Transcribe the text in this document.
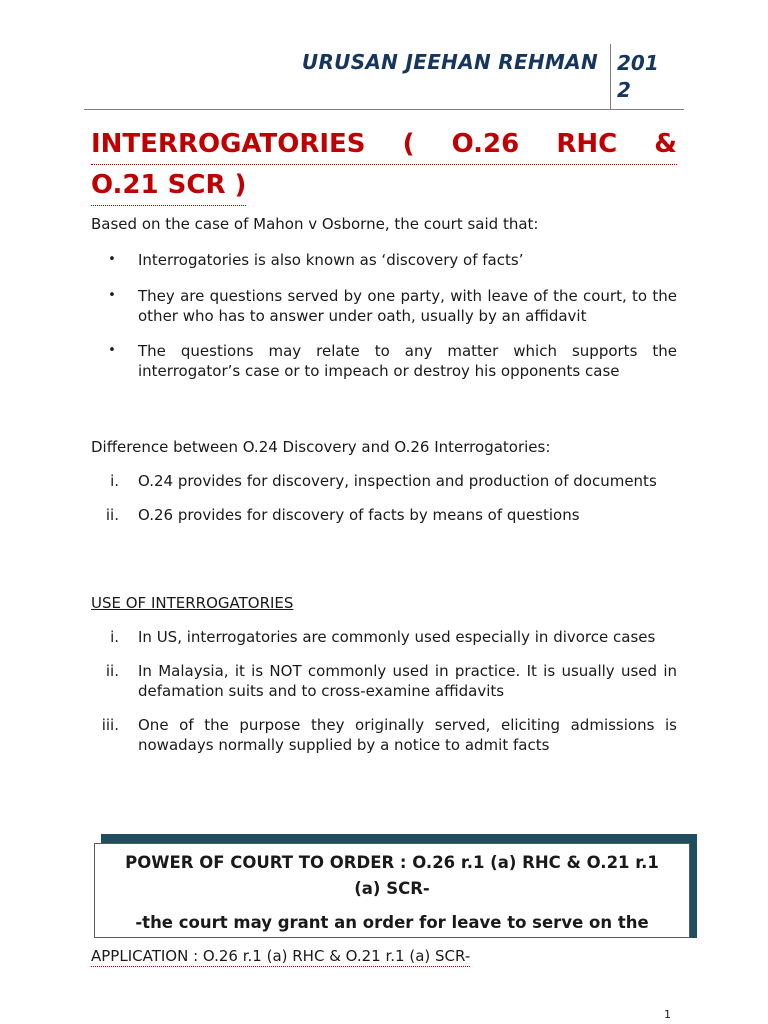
URUSAN JEEHAN REHMAN 201
2
INTERROGATORIES ( O.26 RHC &
O.21 SCR )
Based on the case of Mahon v Osborne, the court said that:
• Interrogatories is also known as ‘discovery of facts’
• They are questions served by one party, with leave of the court, to the other who has to answer under oath, usually by an affidavit
• The questions may relate to any matter which supports the interrogator’s case or to impeach or destroy his opponents case
Difference between O.24 Discovery and O.26 Interrogatories:
i. O.24 provides for discovery, inspection and production of documents
ii. O.26 provides for discovery of facts by means of questions
USE OF INTERROGATORIES
i. In US, interrogatories are commonly used especially in divorce cases
ii. In Malaysia, it is NOT commonly used in practice. It is usually used in defamation suits and to cross-examine affidavits
iii. One of the purpose they originally served, eliciting admissions is nowadays normally supplied by a notice to admit facts
POWER OF COURT TO ORDER : O.26 r.1 (a) RHC & O.21 r.1 (a) SCR-
-the court may grant an order for leave to serve on the
APPLICATION : O.26 r.1 (a) RHC & O.21 r.1 (a) SCR-
1
